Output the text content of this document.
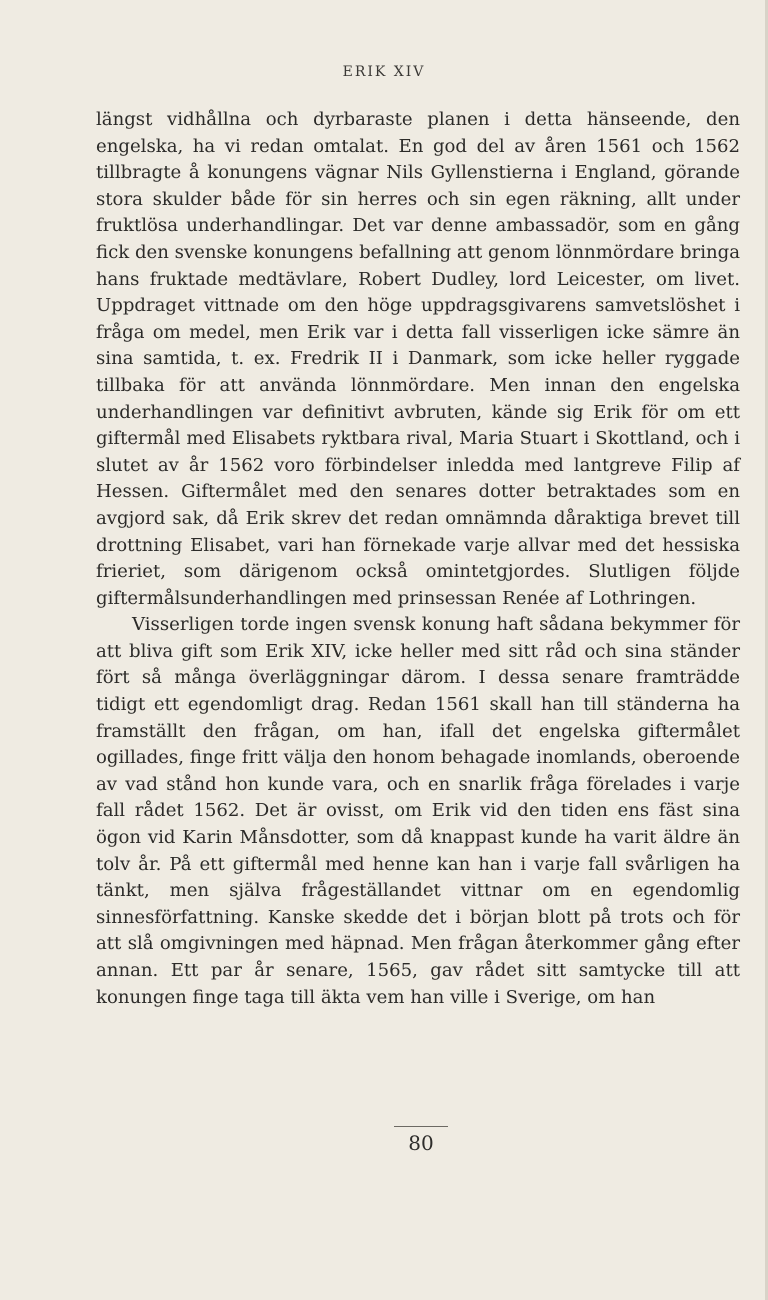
ERIK XIV

längst vidhållna och dyrbaraste planen i detta hänseende, den engelska, ha vi redan omtalat. En god del av åren 1561 och 1562 tillbragte å konungens vägnar Nils Gyllenstierna i England, görande stora skulder både för sin herres och sin egen räkning, allt under fruktlösa underhandlingar. Det var denne ambassadör, som en gång fick den svenske konungens befallning att genom lönnmördare bringa hans fruktade medtävlare, Robert Dudley, lord Leicester, om livet. Uppdraget vittnade om den höge uppdragsgivarens samvetslöshet i fråga om medel, men Erik var i detta fall visserligen icke sämre än sina samtida, t. ex. Fredrik II i Danmark, som icke heller ryggade tillbaka för att använda lönnmördare. Men innan den engelska underhandlingen var definitivt avbruten, kände sig Erik för om ett giftermål med Elisabets ryktbara rival, Maria Stuart i Skottland, och i slutet av år 1562 voro förbindelser inledda med lantgreve Filip af Hessen. Giftermålet med den senares dotter betraktades som en avgjord sak, då Erik skrev det redan omnämnda dåraktiga brevet till drottning Elisabet, vari han förnekade varje allvar med det hessiska frieriet, som därigenom också omintetgjordes. Slutligen följde giftermålsunderhandlingen med prinsessan Renée af Lothringen.

Visserligen torde ingen svensk konung haft sådana bekymmer för att bliva gift som Erik XIV, icke heller med sitt råd och sina ständer fört så många överläggningar därom. I dessa senare framträdde tidigt ett egendomligt drag. Redan 1561 skall han till ständerna ha framställt den frågan, om han, ifall det engelska giftermålet ogillades, finge fritt välja den honom behagade inomlands, oberoende av vad stånd hon kunde vara, och en snarlik fråga förelades i varje fall rådet 1562. Det är ovisst, om Erik vid den tiden ens fäst sina ögon vid Karin Månsdotter, som då knappast kunde ha varit äldre än tolv år. På ett giftermål med henne kan han i varje fall svårligen ha tänkt, men själva frågeställandet vittnar om en egendomlig sinnesförfattning. Kanske skedde det i början blott på trots och för att slå omgivningen med häpnad. Men frågan återkommer gång efter annan. Ett par år senare, 1565, gav rådet sitt samtycke till att konungen finge taga till äkta vem han ville i Sverige, om han

80
